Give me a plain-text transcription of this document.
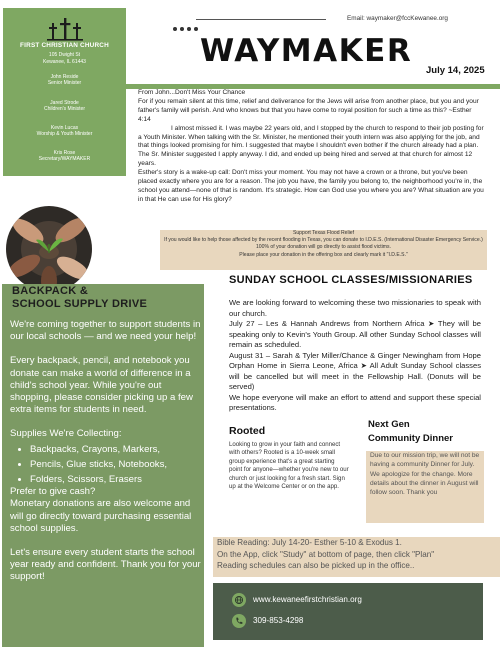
FIRST CHRISTIAN CHURCH
105 Dwight St
Kewanee, IL 61443
John Reside
Senior Minister
Jared Strode
Children's Minister
Kevin Lucas
Worship & Youth Minister
Kris Rose
Secretary/WAYMAKER
Email: waymaker@fccKewanee.org
WAYMAKER
July 14, 2025

From John...Don't Miss Your Chance

For if you remain silent at this time, relief and deliverance for the Jews will arise from another place, but you and your father's family will perish. And who knows but that you have come to royal position for such a time as this? ~Esther 4:14

I almost missed it. I was maybe 22 years old, and I stopped by the church to respond to their job posting for a Youth Minister. When talking with the Sr. Minister, he mentioned their youth intern was also applying for the job, and that things looked promising for him. I suggested that maybe I shouldn't even bother if the church already had a plan. The Sr. Minister suggested I apply anyway. I did, and ended up being hired and served at that church for almost 12 years.

Esther's story is a wake-up call: Don't miss your moment. You may not have a crown or a throne, but you've been placed exactly where you are for a reason. The job you have, the family you belong to, the neighborhood you're in, the school you attend—none of that is random. It's strategic. How can God use you where you are? What situation are you in that He can use for His glory?

Support Texas Flood Relief
If you would like to help those affected by the recent flooding in Texas, you can donate to I.D.E.S. (International Disaster Emergency Service.)
100% of your donation will go directly to assist flood victims.
Please place your donation in the offering box and clearly mark it "I.D.E.S."
BACKPACK &
SCHOOL SUPPLY DRIVE

We're coming together to support students in our local schools — and we need your help!

Every backpack, pencil, and notebook you donate can make a world of difference in a child's school year. While you're out shopping, please consider picking up a few extra items for students in need.

Supplies We're Collecting:

• Backpacks, Crayons, Markers,
• Pencils, Glue sticks, Notebooks,
• Folders, Scissors, Erasers

Prefer to give cash?

Monetary donations are also welcome and will go directly toward purchasing essential school supplies.

Let's ensure every student starts the school year ready and confident. Thank you for your support!

SUNDAY SCHOOL CLASSES/MISSIONARIES

We are looking forward to welcoming these two missionaries to speak with our church.

July 27 – Les & Hannah Andrews from Northern Africa ➤ They will be speaking only to Kevin's Youth Group. All other Sunday School classes will remain as scheduled.

August 31 – Sarah & Tyler Miller/Chance & Ginger Newingham from Hope Orphan Home in Sierra Leone, Africa ➤ All Adult Sunday School classes will be cancelled but will meet in the Fellowship Hall. (Donuts will be served)

We hope everyone will make an effort to attend and support these special presentations.

Rooted
Looking to grow in your faith and connect with others? Rooted is a 10-week small group experience that's a great starting point for anyone—whether you're new to our church or just looking for a fresh start. Sign up at the Welcome Center or on the app.
Next Gen
Community Dinner
Due to our mission trip, we will not be having a community Dinner for July. We apologize for the change. More details about the dinner in August will follow soon. Thank you
Bible Reading: July 14-20- Esther 5-10 & Exodus 1.
On the App, click "Study" at bottom of page, then click "Plan"
Reading schedules can also be picked up in the office..
www.kewaneefirstchristian.org
309-853-4298
